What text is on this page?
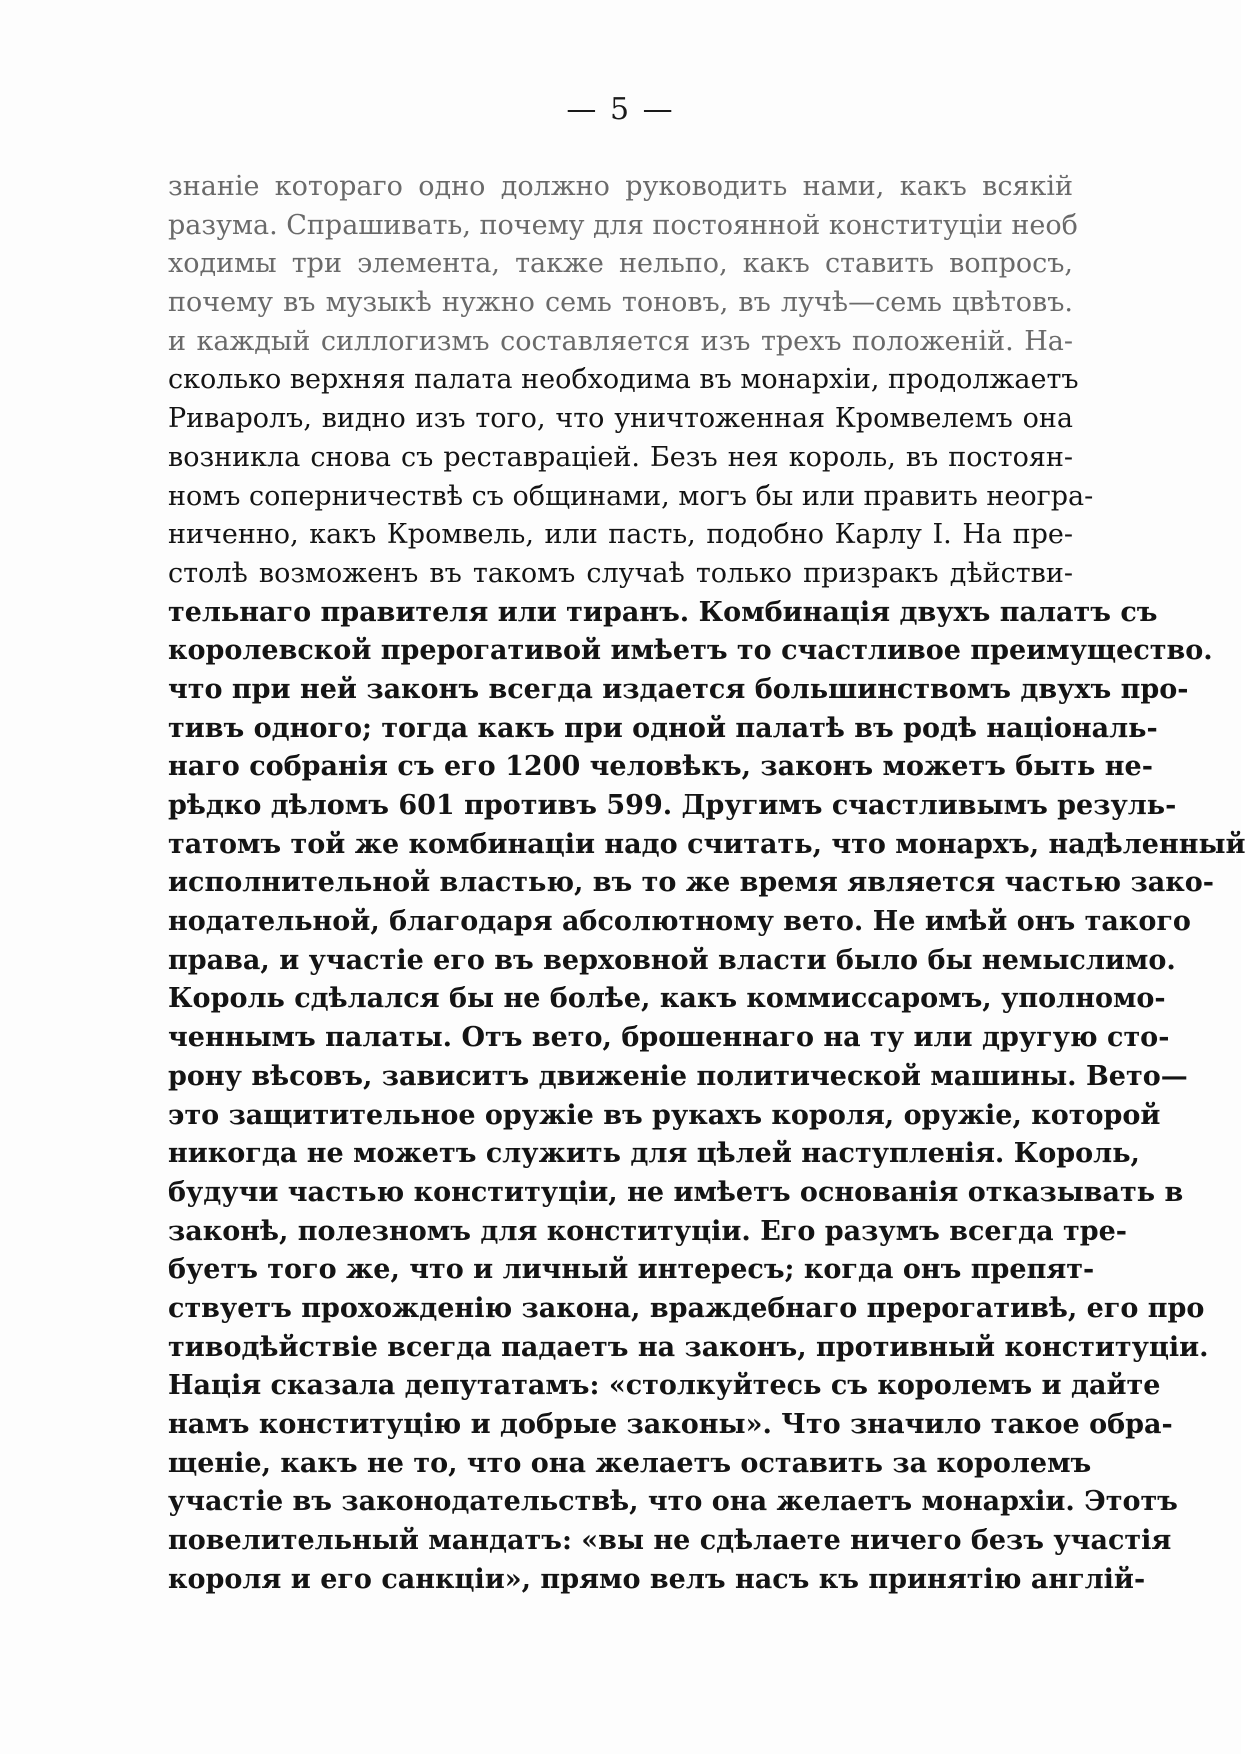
— 5 —
знаніе котораго одно должно руководить нами, какъ всякій
разума. Спрашивать, почему для постоянной конституціи необ
ходимы три элемента, также нельпо, какъ ставить вопросъ,
почему въ музыкѣ нужно семь тоновъ, въ лучѣ—семь цвѣтовъ.
и каждый силлогизмъ составляется изъ трехъ положеній. На-
сколько верхняя палата необходима въ монархіи, продолжаетъ
Риваролъ, видно изъ того, что уничтоженная Кромвелемъ она
возникла снова съ реставраціей. Безъ нея король, въ постоян-
номъ соперничествѣ съ общинами, могъ бы или править неогра-
ниченно, какъ Кромвель, или пасть, подобно Карлу I. На пре-
столѣ возможенъ въ такомъ случаѣ только призракъ дѣйстви-
тельнаго правителя или тиранъ. Комбинація двухъ палатъ съ
королевской прерогативой имѣетъ то счастливое преимущество.
что при ней законъ всегда издается большинствомъ двухъ про-
тивъ одного; тогда какъ при одной палатѣ въ родѣ національ-
наго собранія съ его 1200 человѣкъ, законъ можетъ быть не-
рѣдко дѣломъ 601 противъ 599. Другимъ счастливымъ резуль-
татомъ той же комбинаціи надо считать, что монархъ, надѣленный
исполнительной властью, въ то же время является частью зако-
нодательной, благодаря абсолютному вето. Не имѣй онъ такого
права, и участіе его въ верховной власти было бы немыслимо.
Король сдѣлался бы не болѣе, какъ коммиссаромъ, уполномо-
ченнымъ палаты. Отъ вето, брошеннаго на ту или другую сто-
рону вѣсовъ, зависитъ движеніе политической машины. Вето—
это защитительное оружіе въ рукахъ короля, оружіе, которой
никогда не можетъ служить для цѣлей наступленія. Король,
будучи частью конституціи, не имѣетъ основанія отказывать в
законѣ, полезномъ для конституціи. Его разумъ всегда тре-
буетъ того же, что и личный интересъ; когда онъ препят-
ствуетъ прохожденію закона, враждебнаго прерогативѣ, его про
тиводѣйствіе всегда падаетъ на законъ, противный конституціи.
Нація сказала депутатамъ: «столкуйтесь съ королемъ и дайте
намъ конституцію и добрые законы». Что значило такое обра-
щеніе, какъ не то, что она желаетъ оставить за королемъ
участіе въ законодательствѣ, что она желаетъ монархіи. Этотъ
повелительный мандатъ: «вы не сдѣлаете ничего безъ участія
короля и его санкціи», прямо велъ насъ къ принятію англій-
